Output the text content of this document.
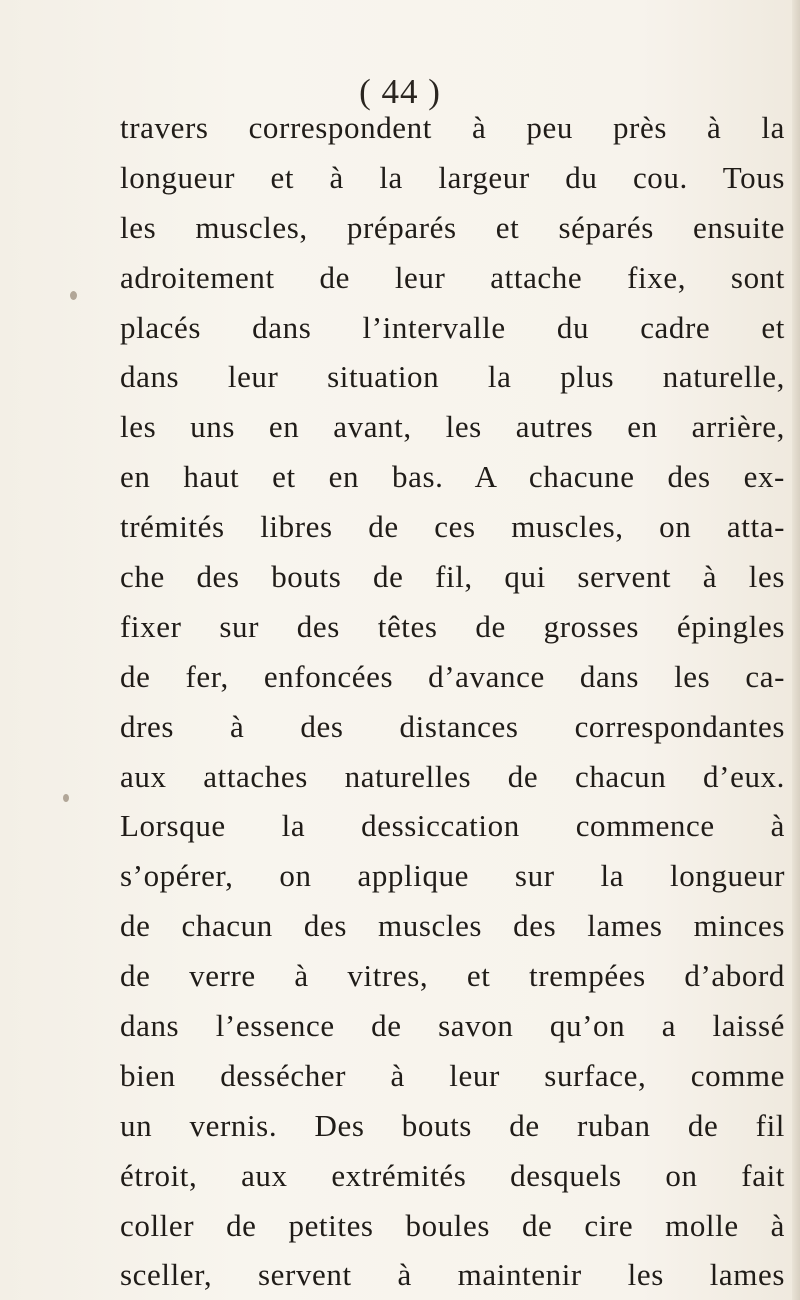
( 44 )
travers correspondent à peu près à la
longueur et à la largeur du cou. Tous
les muscles, préparés et séparés ensuite
adroitement de leur attache fixe, sont
placés dans l’intervalle du cadre et
dans leur situation la plus naturelle,
les uns en avant, les autres en arrière,
en haut et en bas. A chacune des ex-
trémités libres de ces muscles, on atta-
che des bouts de fil, qui servent à les
fixer sur des têtes de grosses épingles
de fer, enfoncées d’avance dans les ca-
dres à des distances correspondantes
aux attaches naturelles de chacun d’eux.
Lorsque la dessiccation commence à
s’opérer, on applique sur la longueur
de chacun des muscles des lames minces
de verre à vitres, et trempées d’abord
dans l’essence de savon qu’on a laissé
bien dessécher à leur surface, comme
un vernis. Des bouts de ruban de fil
étroit, aux extrémités desquels on fait
coller de petites boules de cire molle à
sceller, servent à maintenir les lames
